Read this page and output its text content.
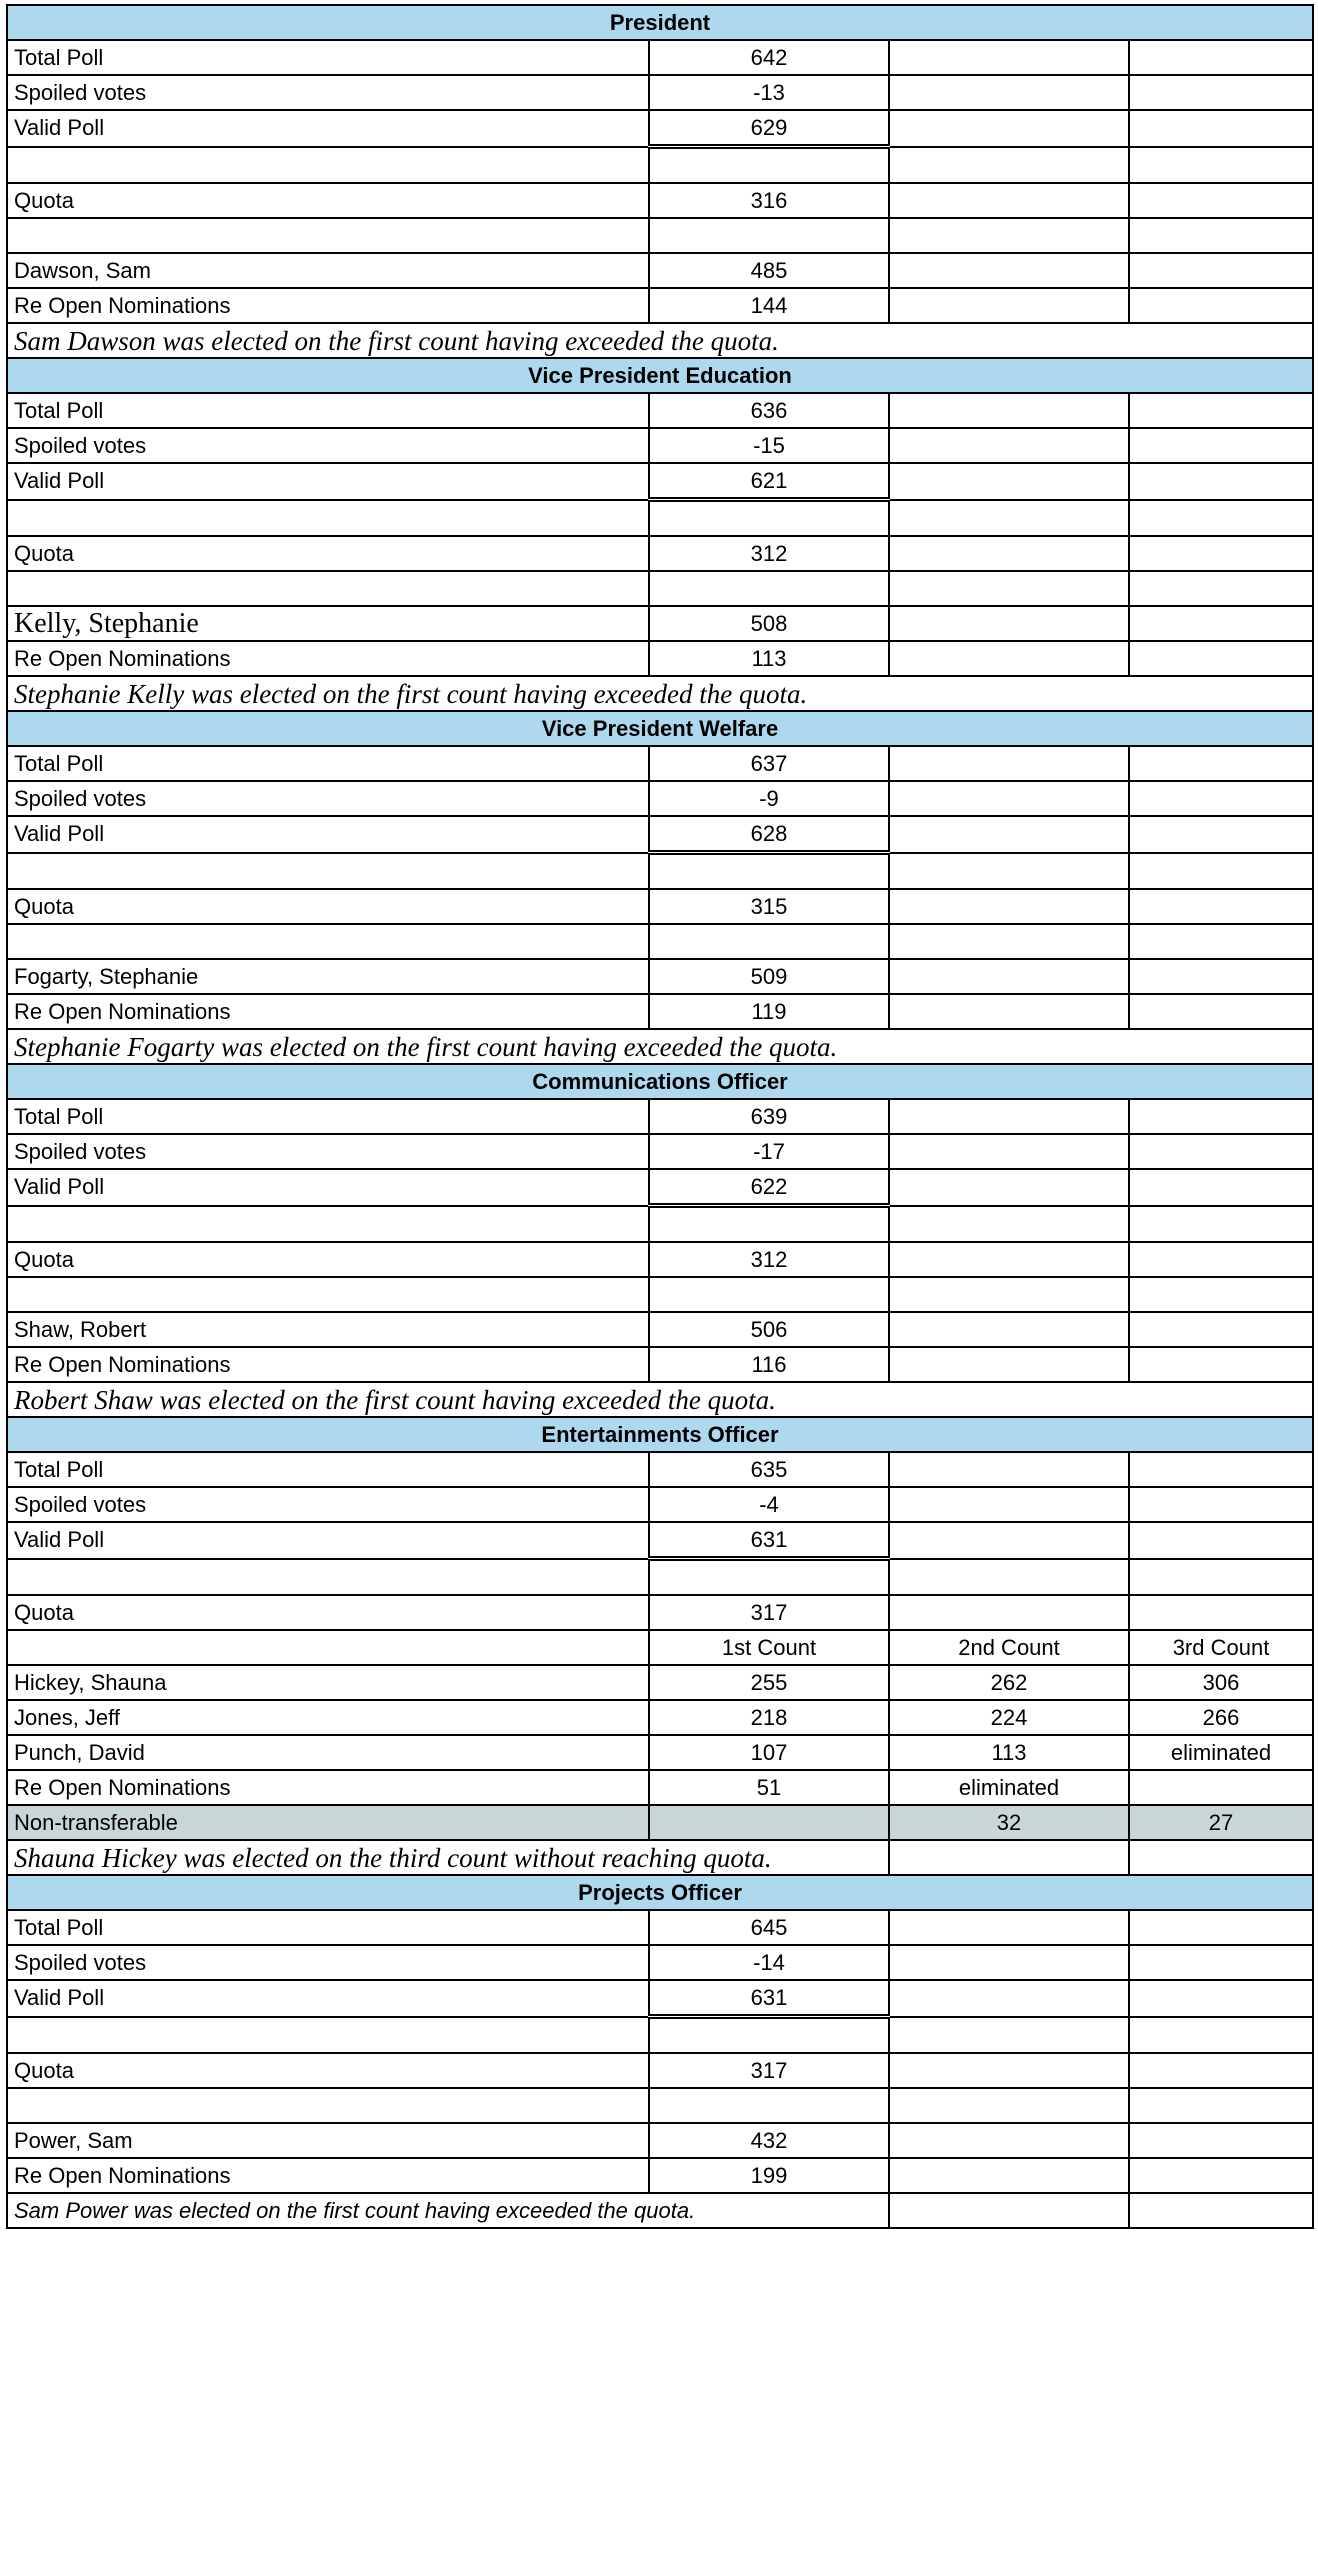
President			
Total Poll	642		
Spoiled votes	-13		
Valid Poll	629		

Quota	316		

Dawson, Sam	485		
Re Open Nominations	144		
Sam Dawson was elected on the first count having exceeded the quota.			
Vice President Education			
Total Poll	636		
Spoiled votes	-15		
Valid Poll	621		

Quota	312		

Kelly, Stephanie	508		
Re Open Nominations	113		
Stephanie Kelly was elected on the first count having exceeded the quota.			
Vice President Welfare			
Total Poll	637		
Spoiled votes	-9		
Valid Poll	628		

Quota	315		

Fogarty, Stephanie	509		
Re Open Nominations	119		
Stephanie Fogarty was elected on the first count having exceeded the quota.			
Communications Officer			
Total Poll	639		
Spoiled votes	-17		
Valid Poll	622		

Quota	312		

Shaw, Robert	506		
Re Open Nominations	116		
Robert Shaw was elected on the first count having exceeded the quota.			
Entertainments Officer			
Total Poll	635		
Spoiled votes	-4		
Valid Poll	631		

Quota	317		
	1st Count	2nd Count	3rd Count
Hickey, Shauna	255	262	306
Jones, Jeff	218	224	266
Punch, David	107	113	eliminated
Re Open Nominations	51	eliminated	
Non-transferable		32	27
Shauna Hickey was elected on the third count without reaching quota.			
Projects Officer			
Total Poll	645		
Spoiled votes	-14		
Valid Poll	631		

Quota	317		

Power, Sam	432		
Re Open Nominations	199		
Sam Power was elected on the first count having exceeded the quota.			
